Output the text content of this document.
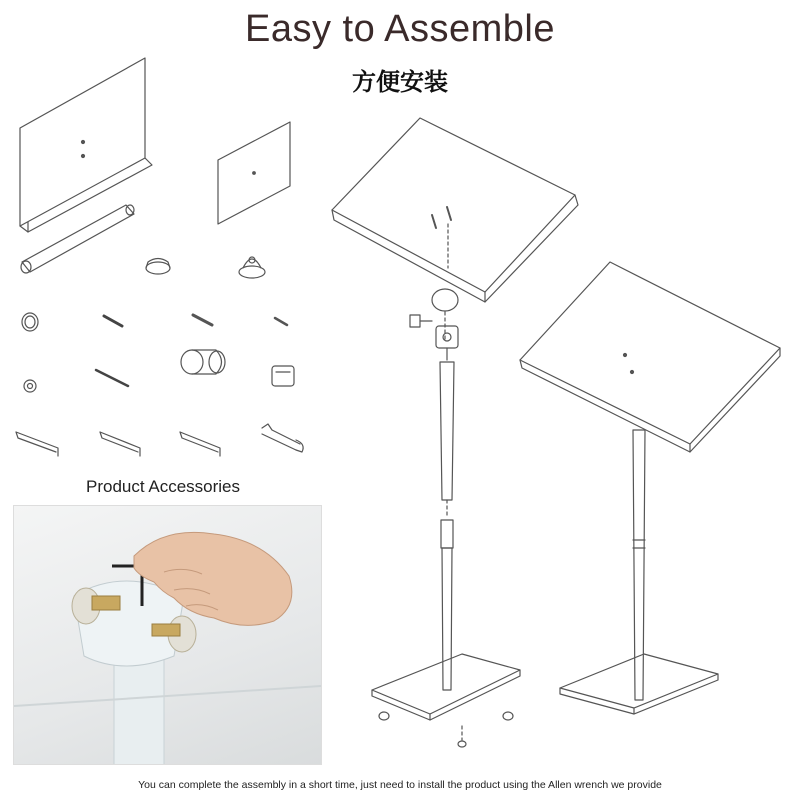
Easy to Assemble
方便安装
Product Accessories
You can complete the assembly in a short time, just need to install the product using the Allen wrench we provide
